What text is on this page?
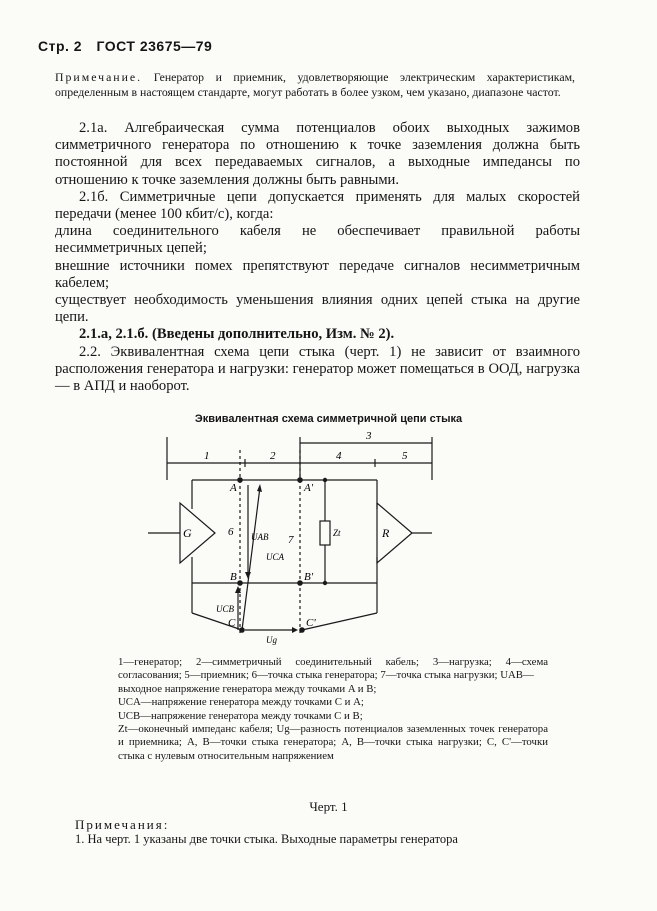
Стр. 2 ГОСТ 23675—79
Примечание. Генератор и приемник, удовлетворяющие электрическим характеристикам, определенным в настоящем стандарте, могут работать в более узком, чем указано, диапазоне частот.

2.1а. Алгебраическая сумма потенциалов обоих выходных зажимов симметричного генератора по отношению к точке заземления должна быть постоянной для всех передаваемых сигналов, а выходные импедансы по отношению к точке заземления должны быть равными.

2.1б. Симметричные цепи допускается применять для малых скоростей передачи (менее 100 кбит/с), когда:

длина соединительного кабеля не обеспечивает правильной работы несимметричных цепей;

внешние источники помех препятствуют передаче сигналов несимметричным кабелем;

существует необходимость уменьшения влияния одних цепей стыка на другие цепи.

2.1.а, 2.1.б. (Введены дополнительно, Изм. № 2).

2.2. Эквивалентная схема цепи стыка (черт. 1) не зависит от взаимного расположения генератора и нагрузки: генератор может помещаться в ООД, нагрузка — в АПД и наоборот.

Эквивалентная схема симметричной цепи стыка
1	2
3
4	5
6
7
G	R
A
B
C
A'
B'
C'
UAB
UCA
UCB
Ug
Zt

1—генератор; 2—симметричный соединительный кабель; 3—нагрузка; 4—схема согласования; 5—приемник; 6—точка стыка генератора; 7—точка стыка нагрузки; UAB—

выходное напряжение генератора между точками A и B;

UCA—напряжение генератора между точками C и A;

UCB—напряжение генератора между точками C и B;

Zt—оконечный импеданс кабеля; Ug—разность потенциалов заземленных точек генератора и приемника; A, B—точки стыка генератора; A, B—точки стыка нагрузки; C, C'—точки стыка с нулевым относительным напряжением

Черт. 1
Примечания:
1. На черт. 1 указаны две точки стыка. Выходные параметры генератора
